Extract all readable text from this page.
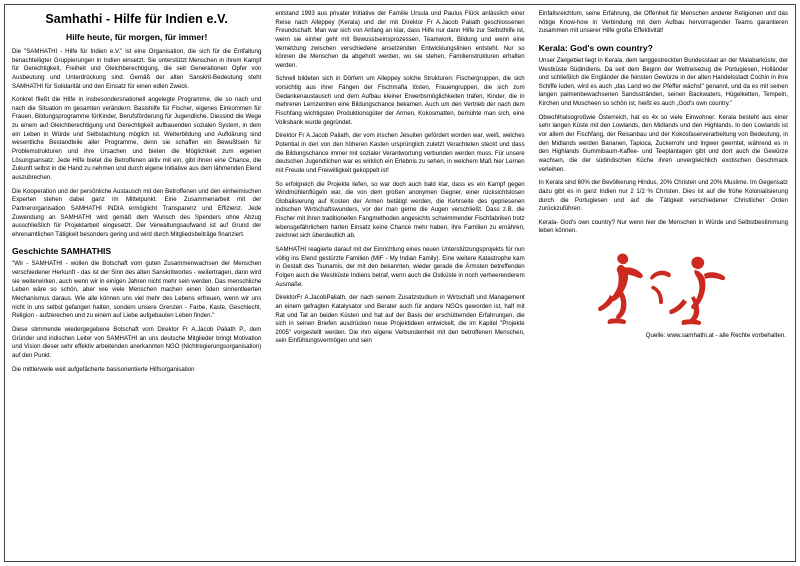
Samhathi - Hilfe für Indien e.V.
Hilfe heute, für morgen, für immer!

Die "SAMHATHI - Hilfe für Indien e.V." ist eine Organisation, die sich für die Entfaltung benachteiligter Gruppierungen in Indien einsetzt. Sie unterstützt Menschen in ihrem Kampf für Gerechtigkeit, Freiheit und Gleichberechtigung, die seit Generationen Opfer von Ausbeutung und Unterdrückung sind. Gemäß der alten Sanskrit-Bedeutung steht SAMHATHI für Solidarität und den Einsatz für einen edlen Zweck.

Konkret fließt die Hilfe in insbesondersnationell angelegte Programme, die so nach und nach die Situation im gesamten verändern: Basishilfe für Fischer, eigenes Einkommen für Frauen, Bildungsprogramme fürKinder, Berufsförderung für Jugendliche. Diessind die Wege zu einem auf Gleichberechtigung und Gerechtigkeit aufbauenden sozialen System, in dem ein Leben in Würde und Selbstachtung möglich ist. Weiterbildung und Aufklärung sind wesentliche Bestandteile aller Programme, denn sie schaffen ein Bewußtsein für Problemstrukturen und ihre Ursachen und bieten die Möglichkeit zum eigenen Lösungsansatz. Jede Hilfe bietet die Betroffenen aktiv mit ein, gibt ihnen eine Chance, die Zukunft selbst in die Hand zu nehmen und durch eigene Initiative aus dem lähmenden Elend auszubrechen.

Die Kooperation und der persönliche Austausch mit den Betroffenen und den einheimischen Experten stehen dabei ganz im Mittelpunkt. Eine Zusammenarbeit mit der Partnerorganisation SAMHATHI INDIA ermöglicht Transparenz und Effizienz. Jede Zuwendung an SAMHATHI wird gemäß dem Wunsch des Spenders ohne Abzug ausschließlich für Projektarbeit eingesetzt. Der Verwaltungsaufwand ist auf Grund der ehrenamtlichen Tätigkeit besonders gering und wird durch Mitgliedsbeiträge finanziert.

Geschichte SAMHATHIS

"Wir - SAMHATHI - wollen die Botschaft vom guten Zusammenwachsen der Menschen verschiedener Herkunft - das ist der Sinn des alten Sanskritwortes - weitertragen, dann wird sie weiterwirken, auch wenn wir in einigen Jahren nicht mehr sein werden. Das menschliche Leben wäre so schön, aber wie viele Menschen machen einen öden sinnentleerten Mechanismus daraus. Wie alle können uns viel mehr des Lebens erfreuen, wenn wir uns nicht in uns selbst gefangen halten, sondern unsere Grenzen - Farbe, Kaste, Geschlecht, Religion - aufzerechen und zu einem auf Liebe aufgebauten Leben finden."

Diese stimmende wiedergegebene Botschaft vom Direktor Fr A.Jacob Paliath P., dem Gründer und indischen Leiter von SAMHATHI an uns deutsche Mitglieder bringt Motivation und Vision dieser sehr effektiv arbeitenden anerkannten NGO (Nichtregierungsorganisation) auf den Punkt.

Die mittlerweile weit aufgefächerte basisorientierte Hilfsorganisation

entstand 1993 aus privater Initiative der Familie Ursula und Paulus Flück anlässlich einer Reise nach Alleppey (Kerala) und der mit Direktor Fr A.Jacob Paliath geschlossenen Freundschaft. Man war sich von Anfang an klar, dass Hilfe nur dann Hilfe zur Selbsthilfe ist, wenn sie einher geht mit Bewusstseinsprozessen, Teamwork, Bildung und wenn eine Vernetzung zwischen verschiedene ansetzenden Entwicklungslinien entsteht. Nur so können die Menschen da abgeholt werden, wo sie stehen, Familienstrukturen erhalten werden.

Schnell bildeten sich in Dörfern um Alleppey solche Strukturen: Fischergruppen, die sich vorsichtig aus ihrer Fängen der Fischmafia lösten, Frauengruppen, die sich zum Gedankenaustausch und dem Aufbau kleiner Erwerbsmöglichkeiten trafen, Kinder, die in mehreren Lernzentren eine Bildungschance bekamen. Auch um den Vertrieb der nach dem Fischfang wichtigsten Produktionsgüter der Armen, Kokosmatten, bemühte man sich, eine Volksbank wurde gegründet.

Direktor Fr A.Jacob Paliath, der vom irischen Jesuiten gefördert worden war, weiß, welches Potential in den von den höheren Kasten ursprünglich zuletzt Verachteten steckt und dass die Bildungschance immer mit sozialer Verantwortung verbunden werden muss. Für unsere deutschen Jugendlichen war es wirklich ein Erlebnis zu sehen, in welchem Maß hier Lernen mit Freude und Freiwilligkeit gekoppelt ist!

So erfolgreich die Projekte liefen, so war doch auch bald klar, dass es ein Kampf gegen Windmühlenflügeln war, die von dem großen anonymen Gegner, einer rücksichtslosen Globalisierung auf Kosten der Armen betätigt werden, die Kehrseite des gepriesenen indischen Wirtschaftswunders, vor der man gerne die Augen verschließt. Dass z.B. die Fischer mit ihren traditionellen Fangmethoden angesichts schwimmender Fischfabriken trotz lebensgefährlichem harten Einsatz keine Chance mehr haben, ihre Familien zu ernähren, zeichnet sich überdeutlich ab.

SAMHATHI reagierte darauf mit der Einrichtung eines neuen Unterstützungsprojekts für nun völlig ins Elend gestürzte Familien (MIF - My Indian Family). Eine weitere Katastrophe kam in Gestalt des Tsunamis, der mit den bekannten, wieder gerade die Ärmsten betreffenden Folgen auch die Westküste Indiens betraf, wenn auch die Ostküste in noch verheerenderem Ausmaße.

DirektorFr A.JacobPaliath, der nach seinem Zusatzstudium in Wirtschaft und Management an einem gefragten Katalysator und Berater auch für andere NGOs geworden ist, half mit Rat und Tat an beiden Küsten und hat auf der Basis der erschütternden Erfahrungen, die sich in seinen Briefen ausdrücken neue Projektideen entwickelt, die im Kapitel "Projekte 2005" vorgestellt werden. Die ihm eigene Verbundenheit mit den betroffenen Menschen, sein Einfühlungsvermögen und sein

Einfallsreichtum, seine Erfahrung, die Offenheit für Menschen anderer Religionen und das nötige Know-how in Verbindung mit dem Aufbau hervorragender Teams garantieren zusammen mit unserer Hilfe große Effektivität!

Kerala: God's own country?

Unser Zielgebiet liegt in Kerala, dem langgestreckten Bundesstaat an der Malabarküste, der Westküste Südindiens. Da seit dem Beginn der Weltreisezug die Portugiesen, Holländer und schließlich die Engländer die feinsten Gewürze in der alten Handelsstadt Cochin in ihre Schiffe luden, wird es auch „das Land wo der Pfeffer wächst" genannt, und da es mit seinen langen palmenbewachsenen Sandsstränden, seinen Backwaters, Hügelketten, Tempeln, Kirchen und Moscheen so schön ist, heißt es auch „God's own country."

Obwohlhalsogroßwie Österreich, hat es 4x so viele Einwohner. Kerala besteht aus einer sehr langen Küste mit den Lowlands, den Midlands und den Highlands. In den Lowlands ist vor allem der Fischfang, der Reisanbau und der Kokosfaserverarbeitung von Bedeutung, in den Midlands werden Bananen, Tapioca, Zuckerrohr und Ingwer geerntet, während es in den Highlands Gummibaum-Kaffee- und Teeplantagen gibt und dort auch die Gewürze wachsen, die der südindischen Küche ihren unvergleichlich exotischen Geschmack verleihen.

In Kerala sind 60% der Bevölkerung Hindus, 20% Christen und 20% Muslime. Im Gegensatz dazu gibt es in ganz Indien nur 2 1/2 % Christen. Dies ist auf die frühe Kolonialisierung durch die Portugiesen und auf die Tätigkeit verschiedener Christlicher Orden zurückzuführen.

Kerala- God's own country? Nur wenn hier die Menschen in Würde und Selbstbestimmung leben können.

Quelle: www.samhathi.at - alle Rechte vorbehalten.
